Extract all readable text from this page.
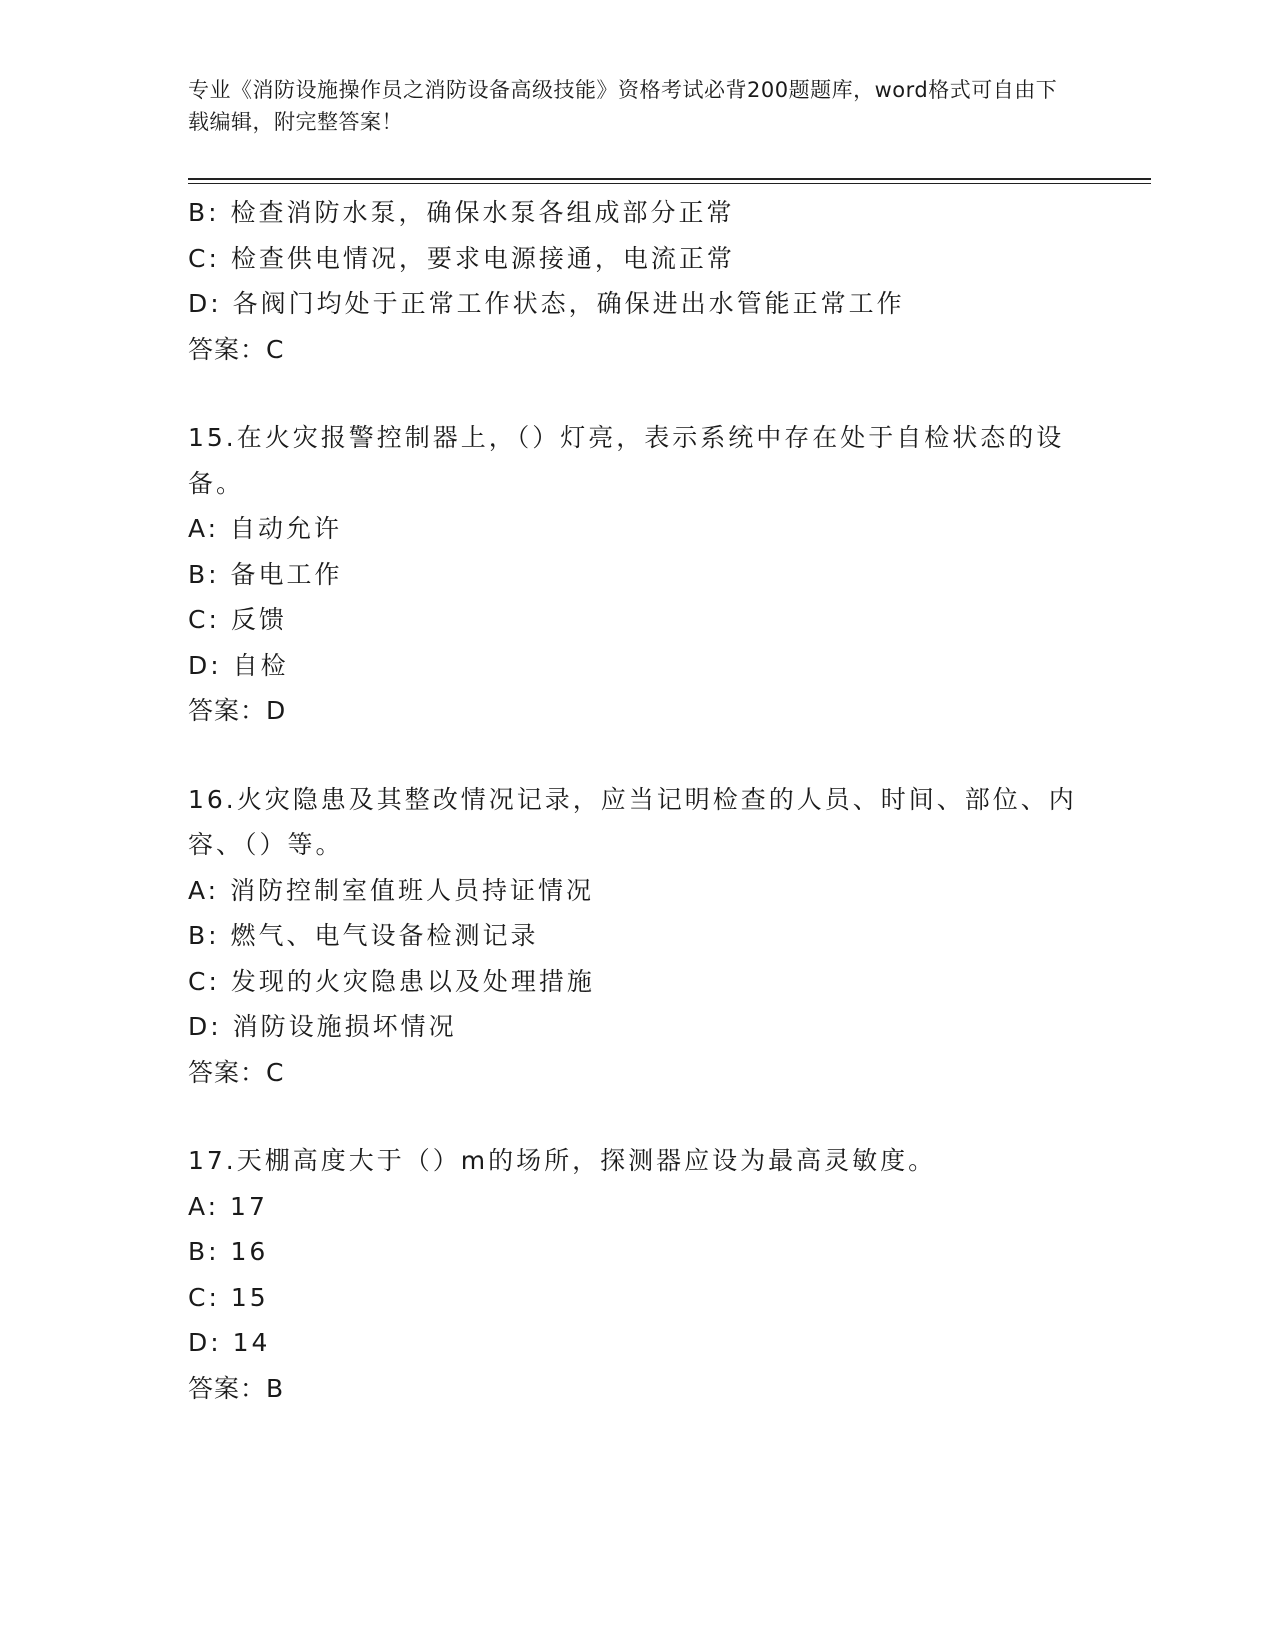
专业《消防设施操作员之消防设备高级技能》资格考试必背200题题库，word格式可自由下载编辑，附完整答案！
B: 检查消防水泵，确保水泵各组成部分正常
C: 检查供电情况，要求电源接通，电流正常
D: 各阀门均处于正常工作状态，确保进出水管能正常工作
答案：C
15.在火灾报警控制器上，（）灯亮，表示系统中存在处于自检状态的设备。
A: 自动允许
B: 备电工作
C: 反馈
D: 自检
答案：D
16.火灾隐患及其整改情况记录，应当记明检查的人员、时间、部位、内容、（）等。
A: 消防控制室值班人员持证情况
B: 燃气、电气设备检测记录
C: 发现的火灾隐患以及处理措施
D: 消防设施损坏情况
答案：C
17.天棚高度大于（）m的场所，探测器应设为最高灵敏度。
A: 17
B: 16
C: 15
D: 14
答案：B
